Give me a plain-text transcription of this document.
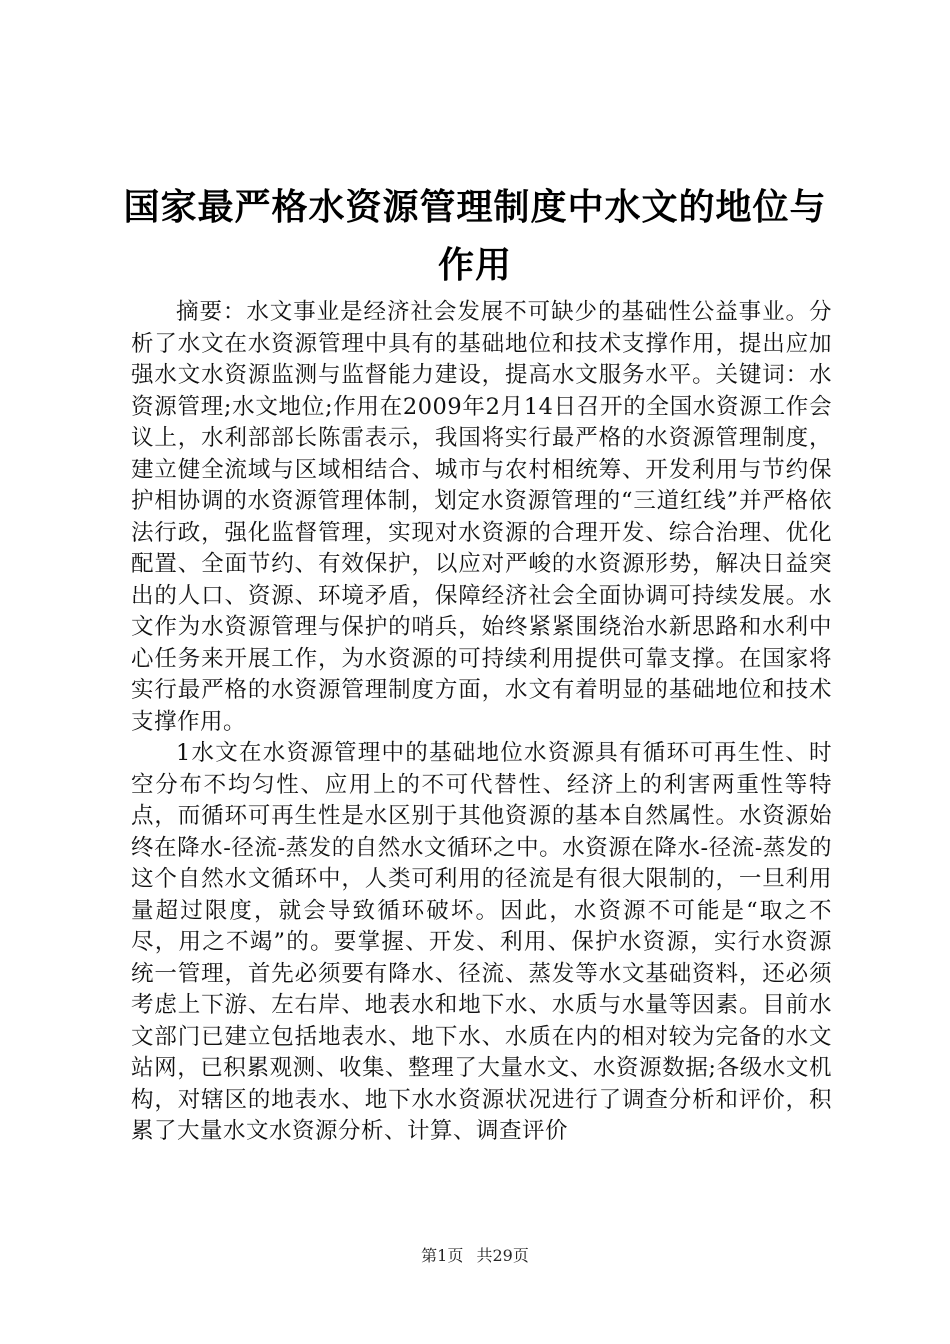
国家最严格水资源管理制度中水文的地位与作用

摘要：水文事业是经济社会发展不可缺少的基础性公益事业。分析了水文在水资源管理中具有的基础地位和技术支撑作用，提出应加强水文水资源监测与监督能力建设，提高水文服务水平。关键词：水资源管理;水文地位;作用在2009年2月14日召开的全国水资源工作会议上，水利部部长陈雷表示，我国将实行最严格的水资源管理制度，建立健全流域与区域相结合、城市与农村相统筹、开发利用与节约保护相协调的水资源管理体制，划定水资源管理的“三道红线”并严格依法行政，强化监督管理，实现对水资源的合理开发、综合治理、优化配置、全面节约、有效保护，以应对严峻的水资源形势，解决日益突出的人口、资源、环境矛盾，保障经济社会全面协调可持续发展。水文作为水资源管理与保护的哨兵，始终紧紧围绕治水新思路和水利中心任务来开展工作，为水资源的可持续利用提供可靠支撑。在国家将实行最严格的水资源管理制度方面，水文有着明显的基础地位和技术支撑作用。

1水文在水资源管理中的基础地位水资源具有循环可再生性、时空分布不均匀性、应用上的不可代替性、经济上的利害两重性等特点，而循环可再生性是水区别于其他资源的基本自然属性。水资源始终在降水-径流-蒸发的自然水文循环之中。水资源在降水-径流-蒸发的这个自然水文循环中，人类可利用的径流是有很大限制的，一旦利用量超过限度，就会导致循环破坏。因此，水资源不可能是“取之不尽，用之不竭”的。要掌握、开发、利用、保护水资源，实行水资源统一管理，首先必须要有降水、径流、蒸发等水文基础资料，还必须考虑上下游、左右岸、地表水和地下水、水质与水量等因素。目前水文部门已建立包括地表水、地下水、水质在内的相对较为完备的水文站网，已积累观测、收集、整理了大量水文、水资源数据;各级水文机构，对辖区的地表水、地下水水资源状况进行了调查分析和评价，积累了大量水文水资源分析、计算、调查评价

第1页 共29页
